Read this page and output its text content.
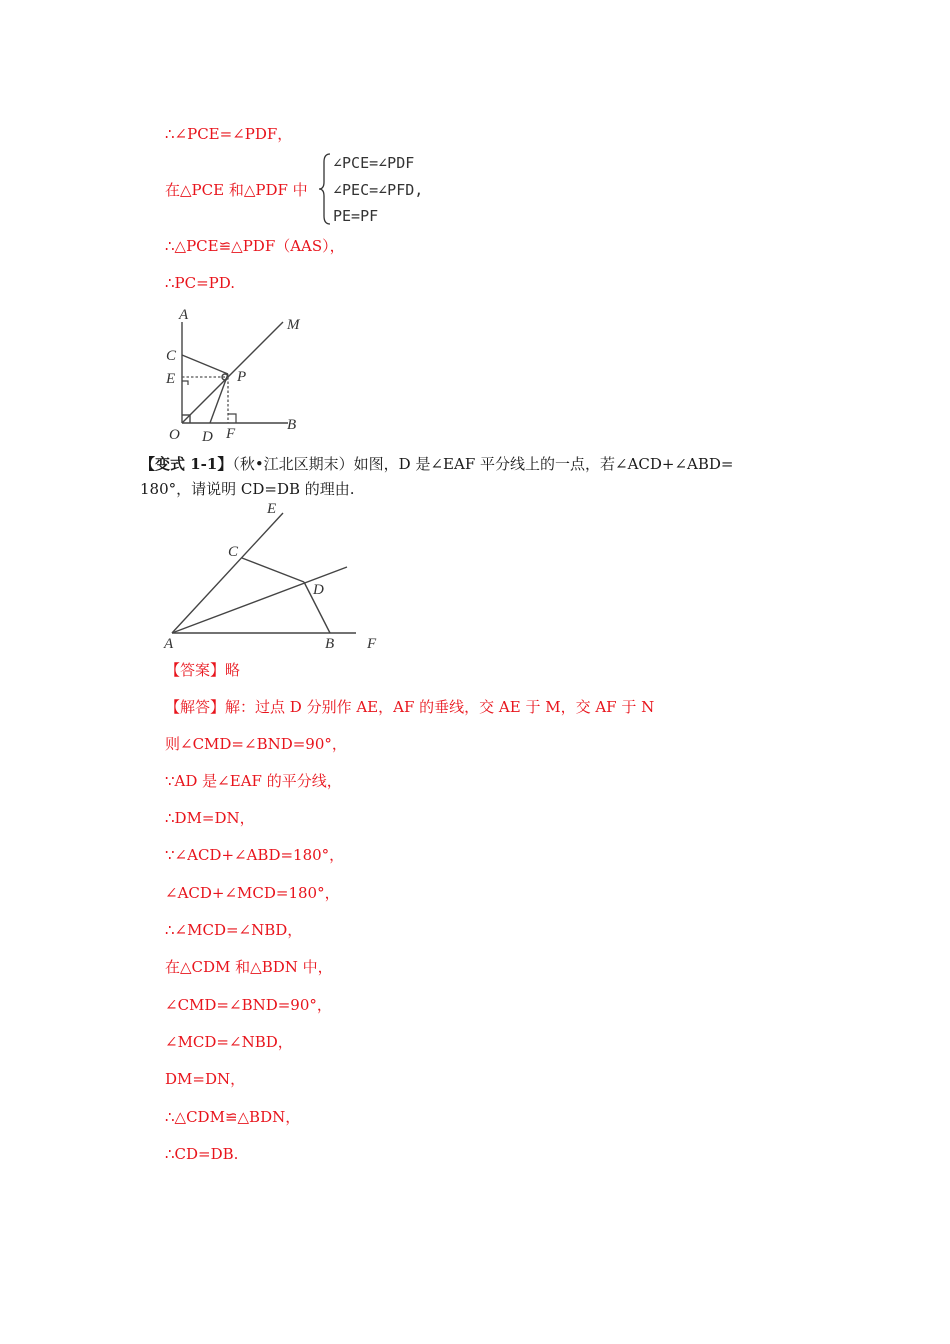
∴∠PCE=∠PDF，
在△PCE 和△PDF 中
∠PCE=∠PDF
∠PEC=∠PFD,
PE=PF
∴△PCE≌△PDF（AAS），
∴PC=PD.
A
C
E	P
M
O D F
B
【变式 1-1】（秋•江北区期末）如图，D 是∠EAF 平分线上的一点，若∠ACD+∠ABD=
180°，请说明 CD=DB 的理由.
E
C
D
A	B F
【答案】略
【解答】解：过点 D 分别作 AE，AF 的垂线，交 AE 于 M，交 AF 于 N
则∠CMD=∠BND=90°，
∵AD 是∠EAF 的平分线，
∴DM=DN，
∵∠ACD+∠ABD=180°，
∠ACD+∠MCD=180°，
∴∠MCD=∠NBD，
在△CDM 和△BDN 中，
∠CMD=∠BND=90°，
∠MCD=∠NBD，
DM=DN，
∴△CDM≌△BDN，
∴CD=DB.
